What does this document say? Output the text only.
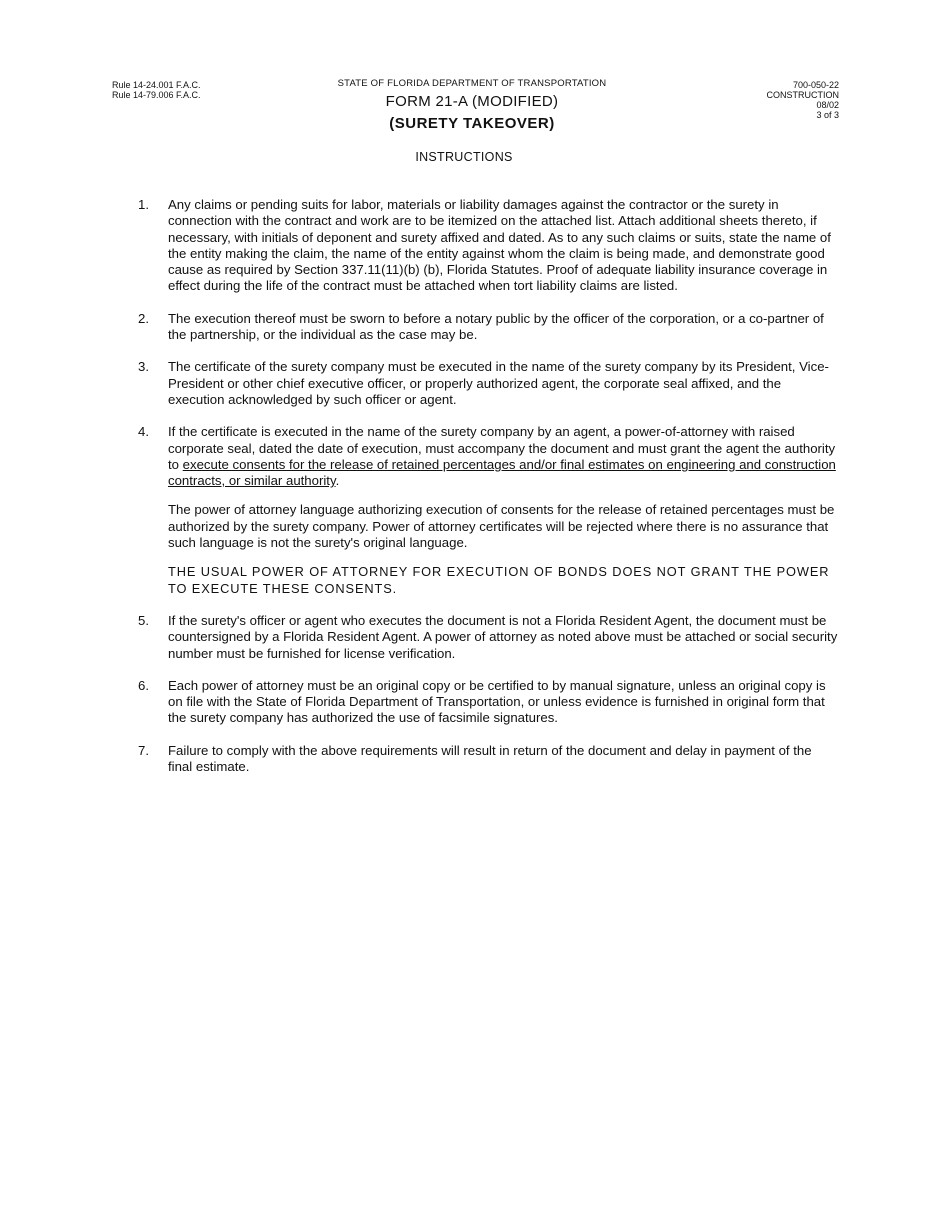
Rule 14-24.001 F.A.C.
Rule 14-79.006 F.A.C.
STATE OF FLORIDA DEPARTMENT OF TRANSPORTATION
FORM 21-A (MODIFIED)
(SURETY TAKEOVER)
700-050-22
CONSTRUCTION
08/02
3 of 3
INSTRUCTIONS
1. Any claims or pending suits for labor, materials or liability damages against the contractor or the surety in connection with the contract and work are to be itemized on the attached list. Attach additional sheets thereto, if necessary, with initials of deponent and surety affixed and dated. As to any such claims or suits, state the name of the entity making the claim, the name of the entity against whom the claim is being made, and demonstrate good cause as required by Section 337.11(11)(b) (b), Florida Statutes. Proof of adequate liability insurance coverage in effect during the life of the contract must be attached when tort liability claims are listed.

2. The execution thereof must be sworn to before a notary public by the officer of the corporation, or a co-partner of the partnership, or the individual as the case may be.

3. The certificate of the surety company must be executed in the name of the surety company by its President, Vice-President or other chief executive officer, or properly authorized agent, the corporate seal affixed, and the execution acknowledged by such officer or agent.

4. If the certificate is executed in the name of the surety company by an agent, a power-of-attorney with raised corporate seal, dated the date of execution, must accompany the document and must grant the agent the authority to execute consents for the release of retained percentages and/or final estimates on engineering and construction contracts, or similar authority.

The power of attorney language authorizing execution of consents for the release of retained percentages must be authorized by the surety company. Power of attorney certificates will be rejected where there is no assurance that such language is not the surety's original language.

THE USUAL POWER OF ATTORNEY FOR EXECUTION OF BONDS DOES NOT GRANT THE POWER TO EXECUTE THESE CONSENTS.

5. If the surety's officer or agent who executes the document is not a Florida Resident Agent, the document must be countersigned by a Florida Resident Agent. A power of attorney as noted above must be attached or social security number must be furnished for license verification.

6. Each power of attorney must be an original copy or be certified to by manual signature, unless an original copy is on file with the State of Florida Department of Transportation, or unless evidence is furnished in original form that the surety company has authorized the use of facsimile signatures.

7. Failure to comply with the above requirements will result in return of the document and delay in payment of the final estimate.
